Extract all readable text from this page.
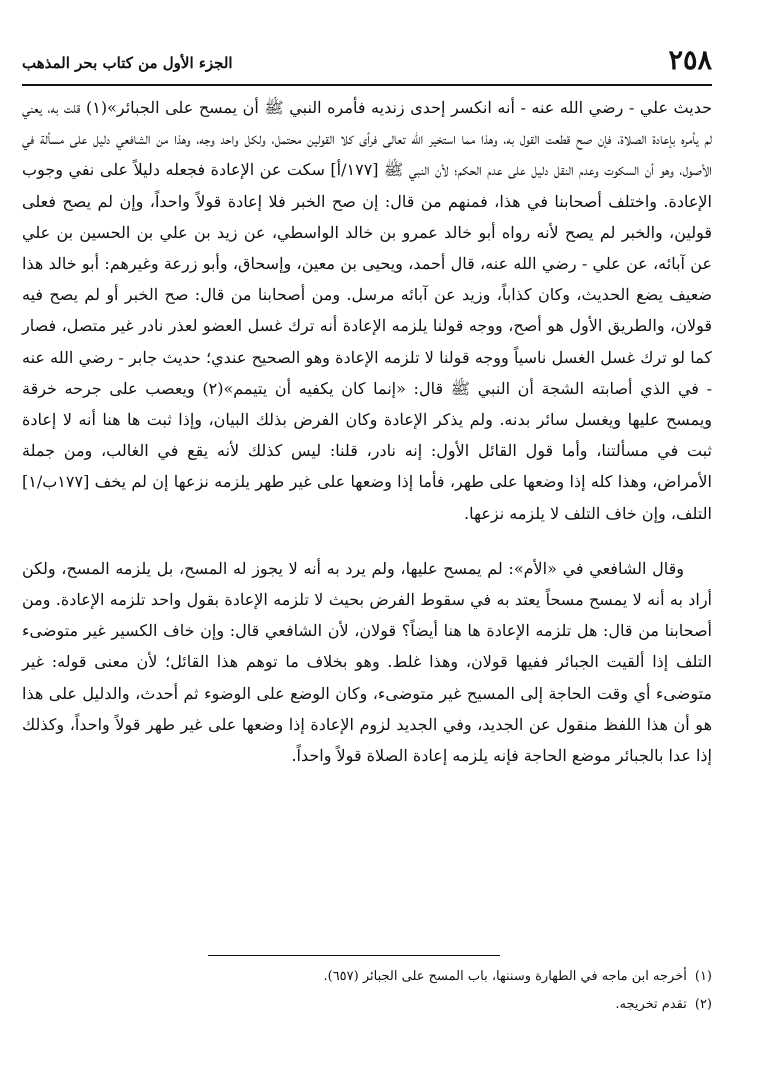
٢٥٨
الجزء الأول من كتاب بحر المذهب

حديث علي - رضي الله عنه - أنه انكسر إحدى زنديه فأمره النبي ﷺ أن يمسح على الجبائر»(١) قلت به، يعني لم يأمره بإعادة الصلاة، فإن صح قطعت القول به، وهذا مما استخير الله تعالى فرأى كلا القولين محتمل، ولكل واحد وجه، وهذا من الشافعي دليل على مسألة في الأصول، وهو أن السكوت وعدم النقل دليل على عدم الحكم؛ لأن النبي ﷺ [١٧٧/أ] سكت عن الإعادة فجعله دليلاً على نفي وجوب الإعادة. واختلف أصحابنا في هذا، فمنهم من قال: إن صح الخبر فلا إعادة قولاً واحداً، وإن لم يصح فعلى قولين، والخبر لم يصح لأنه رواه أبو خالد عمرو بن خالد الواسطي، عن زيد بن علي بن الحسين بن علي عن آبائه، عن علي - رضي الله عنه، قال أحمد، ويحيى بن معين، وإسحاق، وأبو زرعة وغيرهم: أبو خالد هذا ضعيف يضع الحديث، وكان كذاباً، وزيد عن آبائه مرسل. ومن أصحابنا من قال: صح الخبر أو لم يصح فيه قولان، والطريق الأول هو أصح، ووجه قولنا يلزمه الإعادة أنه ترك غسل العضو لعذر نادر غير متصل، فصار كما لو ترك غسل الغسل ناسياً ووجه قولنا لا تلزمه الإعادة وهو الصحيح عندي؛ حديث جابر - رضي الله عنه - في الذي أصابته الشجة أن النبي ﷺ قال: «إنما كان يكفيه أن يتيمم»(٢) ويعصب على جرحه خرقة ويمسح عليها ويغسل سائر بدنه. ولم يذكر الإعادة وكان الفرض بذلك البيان، وإذا ثبت ها هنا أنه لا إعادة ثبت في مسألتنا، وأما قول القائل الأول: إنه نادر، قلنا: ليس كذلك لأنه يقع في الغالب، ومن جملة الأمراض، وهذا كله إذا وضعها على طهر، فأما إذا وضعها على غير طهر يلزمه نزعها إن لم يخف [١٧٧ب/١] التلف، وإن خاف التلف لا يلزمه نزعها.

وقال الشافعي في «الأم»: لم يمسح عليها، ولم يرد به أنه لا يجوز له المسح، بل يلزمه المسح، ولكن أراد به أنه لا يمسح مسحاً يعتد به في سقوط الفرض بحيث لا تلزمه الإعادة بقول واحد تلزمه الإعادة. ومن أصحابنا من قال: هل تلزمه الإعادة ها هنا أيضاً؟ قولان، لأن الشافعي قال: وإن خاف الكسير غير متوضىء التلف إذا ألقيت الجبائر ففيها قولان، وهذا غلط. وهو بخلاف ما توهم هذا القائل؛ لأن معنى قوله: غير متوضىء أي وقت الحاجة إلى المسيح غير متوضىء، وكان الوضع على الوضوء ثم أحدث، والدليل على هذا هو أن هذا اللفظ منقول عن الجديد، وفي الجديد لزوم الإعادة إذا وضعها على غير طهر قولاً واحداً، وكذلك إذا عدا بالجبائر موضع الحاجة فإنه يلزمه إعادة الصلاة قولاً واحداً.

(١)أخرجه ابن ماجه في الطهارة وسننها، باب المسح على الجبائر (٦٥٧).
(٢)تقدم تخريجه.
